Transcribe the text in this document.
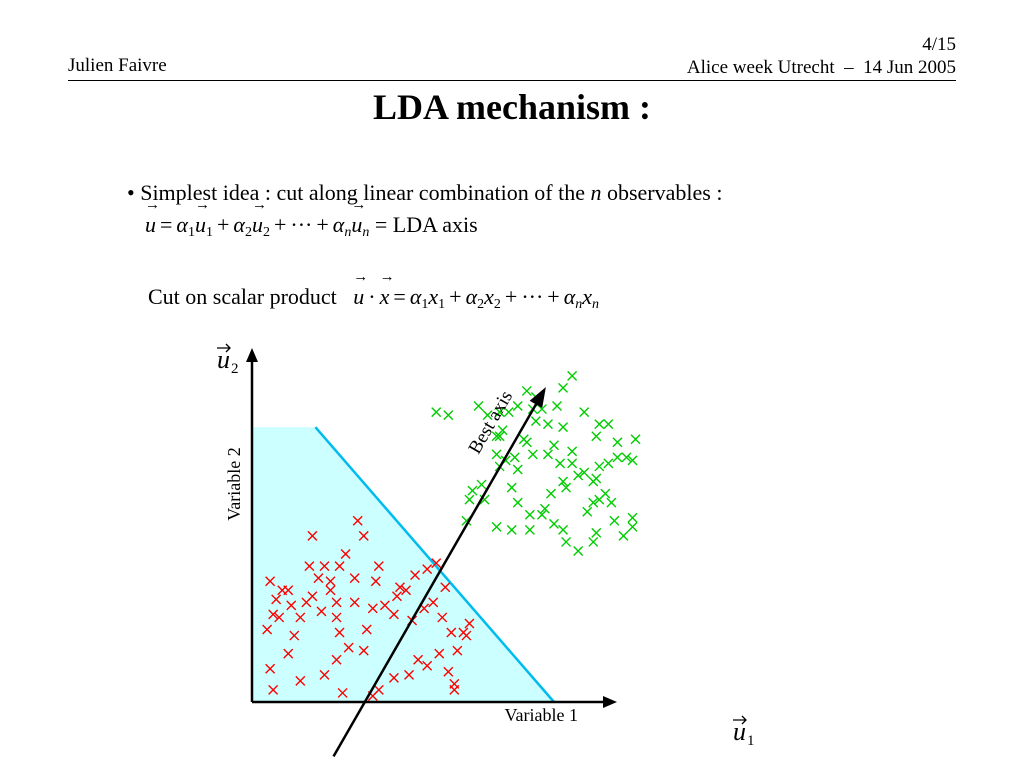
4/15
Julien Faivre	Alice week Utrecht  –  14 Jun 2005
LDA mechanism :
• Simplest idea : cut along linear combination of the n observables :
→ $u = \alpha_1\to u_1 + \alpha_2\to u_2$ + ··· + $\alpha_n\to u_n$ = LDA axis
Cut on scalar product   → $u \cdot\to x = \alpha_1x_1 + \alpha_2x_2$ + ··· + $\alpha_nx_n$
Best axis
Variable 1
Variable 2
u 1
u 2
